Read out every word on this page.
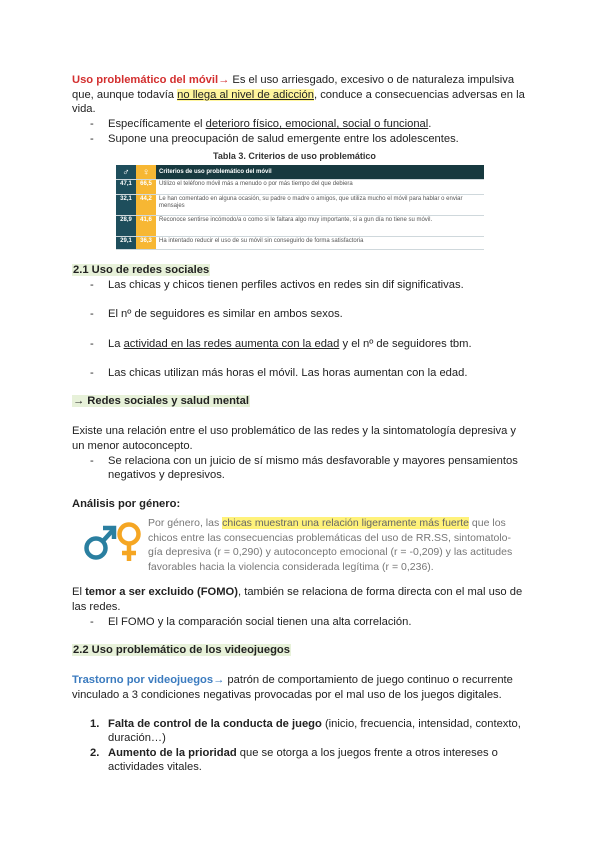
Uso problemático del móvil→ Es el uso arriesgado, excesivo o de naturaleza impulsiva
que, aunque todavía no llega al nivel de adicción, conduce a consecuencias adversas en la
vida.
- Específicamente el deterioro físico, emocional, social o funcional.
- Supone una preocupación de salud emergente entre los adolescentes.
Tabla 3. Criterios de uso problemático
♂	♀	Criterios de uso problemático del móvil
47,1	66,5	Utilizo el teléfono móvil más a menudo o por más tiempo del que debiera
32,1	44,2	Le han comentado en alguna ocasión, su padre o madre o amigos, que utiliza mucho el móvil para hablar o enviar mensajes
28,9	41,6	Reconoce sentirse incómodo/a o como si le faltara algo muy importante, si a gun día no tiene su móvil.
29,1	36,3	Ha intentado reducir el uso de su móvil sin conseguirlo de forma satisfactoria
2.1 Uso de redes sociales
- Las chicas y chicos tienen perfiles activos en redes sin dif significativas.
- El nº de seguidores es similar en ambos sexos.
- La actividad en las redes aumenta con la edad y el nº de seguidores tbm.
- Las chicas utilizan más horas el móvil. Las horas aumentan con la edad.
→ Redes sociales y salud mental
Existe una relación entre el uso problemático de las redes y la sintomatología depresiva y
un menor autoconcepto.
- Se relaciona con un juicio de sí mismo más desfavorable y mayores pensamientos
negativos y depresivos.
Análisis por género:
Por género, las chicas muestran una relación ligeramente más fuerte que los
chicos entre las consecuencias problemáticas del uso de RR.SS, sintomatolo-
gía depresiva (r = 0,290) y autoconcepto emocional (r = -0,209) y las actitudes
favorables hacia la violencia considerada legítima (r = 0,236).
El temor a ser excluido (FOMO), también se relaciona de forma directa con el mal uso de
las redes.
- El FOMO y la comparación social tienen una alta correlación.
2.2 Uso problemático de los videojuegos
Trastorno por videojuegos→ patrón de comportamiento de juego continuo o recurrente
vinculado a 3 condiciones negativas provocadas por el mal uso de los juegos digitales.
1. Falta de control de la conducta de juego (inicio, frecuencia, intensidad, contexto,
duración…)
2. Aumento de la prioridad que se otorga a los juegos frente a otros intereses o
actividades vitales.
